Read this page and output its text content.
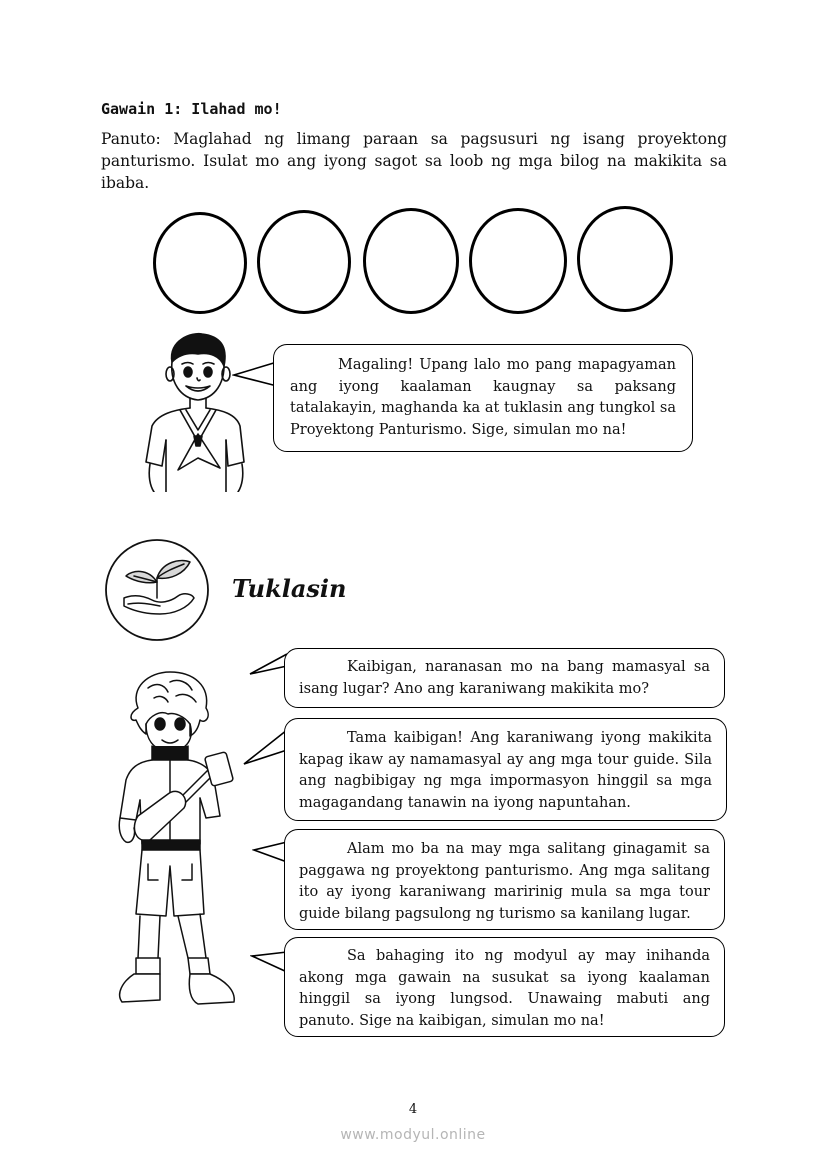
Gawain 1: Ilahad mo!
Panuto: Maglahad ng limang paraan sa pagsusuri ng isang proyektong panturismo. Isulat mo ang iyong sagot sa loob ng mga bilog na makikita sa ibaba.

Magaling! Upang lalo mo pang mapagyaman ang iyong kaalaman kaugnay sa paksang tatalakayin, maghanda ka at tuklasin ang tungkol sa Proyektong Panturismo. Sige, simulan mo na!

Tuklasin

Kaibigan, naranasan mo na bang mamasyal sa isang lugar? Ano ang karaniwang makikita mo?

Tama kaibigan! Ang karaniwang iyong makikita kapag ikaw ay namamasyal ay ang mga tour guide. Sila ang nagbibigay ng mga impormasyon hinggil sa mga magagandang tanawin na iyong napuntahan.

Alam mo ba na may mga salitang ginagamit sa paggawa ng proyektong panturismo. Ang mga salitang ito ay iyong karaniwang maririnig mula sa mga tour guide bilang pagsulong ng turismo sa kanilang lugar.

Sa bahaging ito ng modyul ay may inihanda akong mga gawain na susukat sa iyong kaalaman hinggil sa iyong lungsod. Unawaing mabuti ang panuto. Sige na kaibigan, simulan mo na!

4
www.modyul.online
